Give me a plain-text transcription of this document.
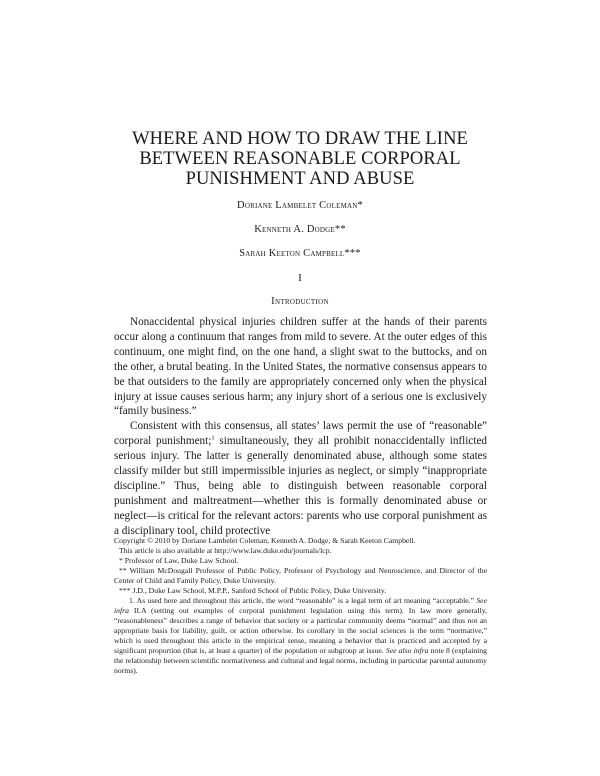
WHERE AND HOW TO DRAW THE LINE
BETWEEN REASONABLE CORPORAL
PUNISHMENT AND ABUSE
Doriane Lambelet Coleman*
Kenneth A. Dodge**
Sarah Keeton Campbell***
I
Introduction

Nonaccidental physical injuries children suffer at the hands of their parents occur along a continuum that ranges from mild to severe. At the outer edges of this continuum, one might find, on the one hand, a slight swat to the buttocks, and on the other, a brutal beating. In the United States, the normative consensus appears to be that outsiders to the family are appropriately concerned only when the physical injury at issue causes serious harm; any injury short of a serious one is exclusively “family business.”

Consistent with this consensus, all states’ laws permit the use of “reasonable” corporal punishment;$^1$ simultaneously, they all prohibit nonaccidentally inflicted serious injury. The latter is generally denominated abuse, although some states classify milder but still impermissible injuries as neglect, or simply “inappropriate discipline.” Thus, being able to distinguish between reasonable corporal punishment and maltreatment—whether this is formally denominated abuse or neglect—is critical for the relevant actors: parents who use corporal punishment as a disciplinary tool, child protective

Copyright © 2010 by Doriane Lambelet Coleman, Kenneth A. Dodge, & Sarah Keeton Campbell.

This article is also available at http://www.law.duke.edu/journals/lcp.

* Professor of Law, Duke Law School.

** William McDougall Professor of Public Policy, Professor of Psychology and Neuroscience, and Director of the Center of Child and Family Policy, Duke University.

*** J.D., Duke Law School, M.P.P., Sanford School of Public Policy, Duke University.

1. As used here and throughout this article, the word “reasonable” is a legal term of art meaning “acceptable.” See infra II.A (setting out examples of corporal punishment legislation using this term). In law more generally, “reasonableness” describes a range of behavior that society or a particular community deems “normal” and thus not an appropriate basis for liability, guilt, or action otherwise. Its corollary in the social sciences is the term “normative,” which is used throughout this article in the empirical sense, meaning a behavior that is practiced and accepted by a significant proportion (that is, at least a quarter) of the population or subgroup at issue. See also infra note 8 (explaining the relationship between scientific normativeness and cultural and legal norms, including in particular parental autonomy norms).
